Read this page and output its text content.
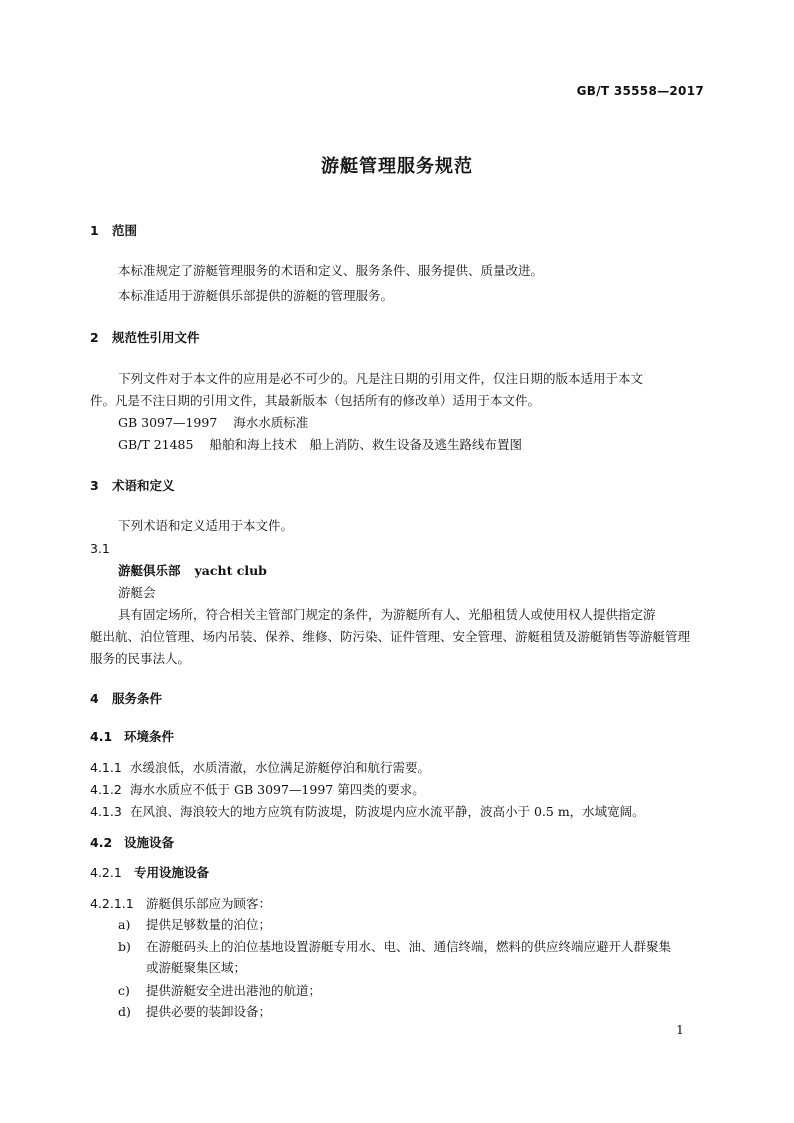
GB/T 35558—2017
游艇管理服务规范
1 范围
本标准规定了游艇管理服务的术语和定义、服务条件、服务提供、质量改进。
本标准适用于游艇俱乐部提供的游艇的管理服务。
2 规范性引用文件
下列文件对于本文件的应用是必不可少的。凡是注日期的引用文件，仅注日期的版本适用于本文
件。凡是不注日期的引用文件，其最新版本（包括所有的修改单）适用于本文件。
GB 3097—1997 海水水质标准
GB/T 21485 船舶和海上技术　船上消防、救生设备及逃生路线布置图
3 术语和定义
下列术语和定义适用于本文件。
3.1
游艇俱乐部 yacht club
游艇会
具有固定场所，符合相关主管部门规定的条件，为游艇所有人、光船租赁人或使用权人提供指定游
艇出航、泊位管理、场内吊装、保养、维修、防污染、证件管理、安全管理、游艇租赁及游艇销售等游艇管理
服务的民事法人。
4 服务条件
4.1 环境条件
4.1.1 水缓浪低，水质清澈，水位满足游艇停泊和航行需要。
4.1.2 海水水质应不低于 GB 3097—1997 第四类的要求。
4.1.3 在风浪、海浪较大的地方应筑有防波堤，防波堤内应水流平静，波高小于 0.5 m，水域宽阔。
4.2 设施设备
4.2.1 专用设施设备
4.2.1.1 游艇俱乐部应为顾客：
a) 提供足够数量的泊位；
b) 在游艇码头上的泊位基地设置游艇专用水、电、油、通信终端，燃料的供应终端应避开人群聚集
或游艇聚集区域；
c) 提供游艇安全进出港池的航道；
d) 提供必要的装卸设备；
1
